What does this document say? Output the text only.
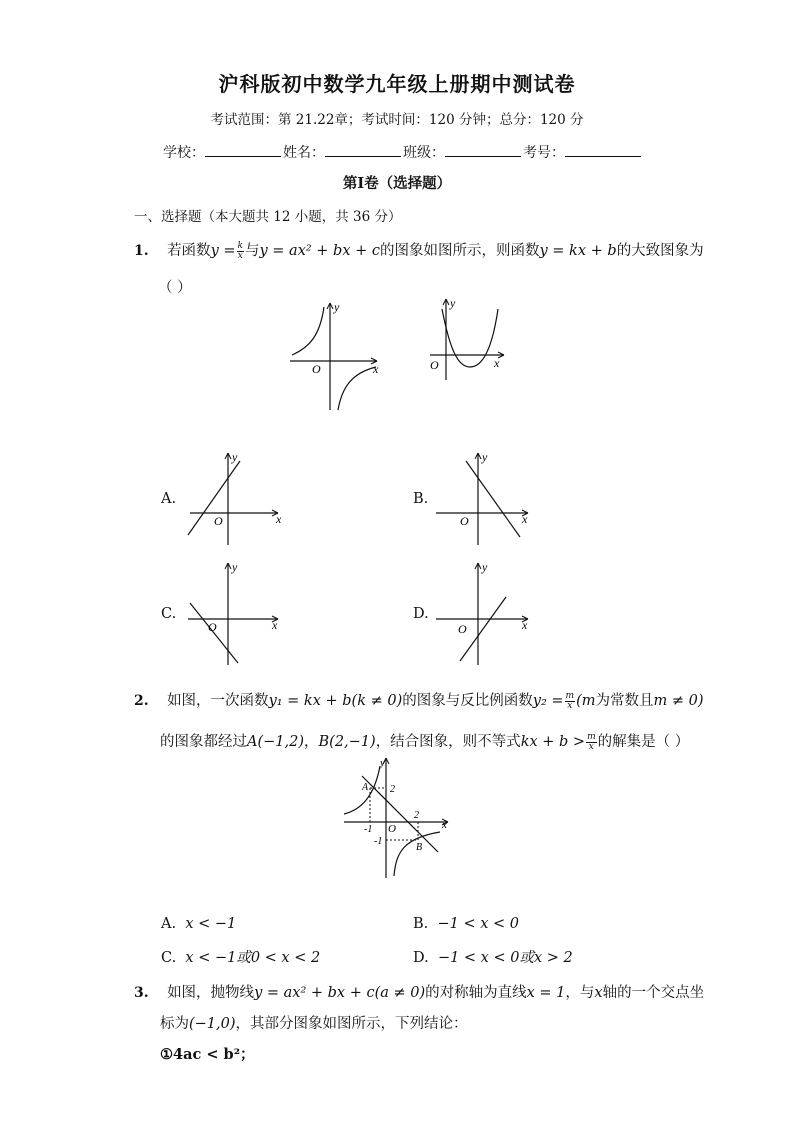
沪科版初中数学九年级上册期中测试卷
考试范围：第 21.22章；考试时间：120 分钟；总分：120 分
学校：	姓名：	班级：	考号：
第I卷（选择题）
一、选择题（本大题共 12 小题，共 36 分）
1. 若函数$y = \frac{k}{x}$ 与y = ax² + bx + c的图象如图所示，则函数y = kx + b的大致图象为
（ ）
y
x
O
y
x
O
A.
y
x
O
B.
y
x
O
C.
y
x
O
D.
y
x
O
2. 如图，一次函数y₁ = kx + b(k ≠ 0)的图象与反比例函数$y_2 = \frac{m}{x} (m$为常数且m ≠ 0)
的图象都经过A(−1,2)，B(2,−1)，结合图象，则不等式kx + $b > \frac{m}{x}$ 的解集是（ ）
y
x
O
A
B
2
2
-1
-1
A. x < −1	B. −1 < x < 0
C. x < −1或0 < x < 2	D. −1 < x < 0或x > 2
3. 如图，抛物线y = ax² + bx + c(a ≠ 0)的对称轴为直线x = 1，与x轴的一个交点坐
标为(−1,0)，其部分图象如图所示，下列结论：
①4ac < b²；
